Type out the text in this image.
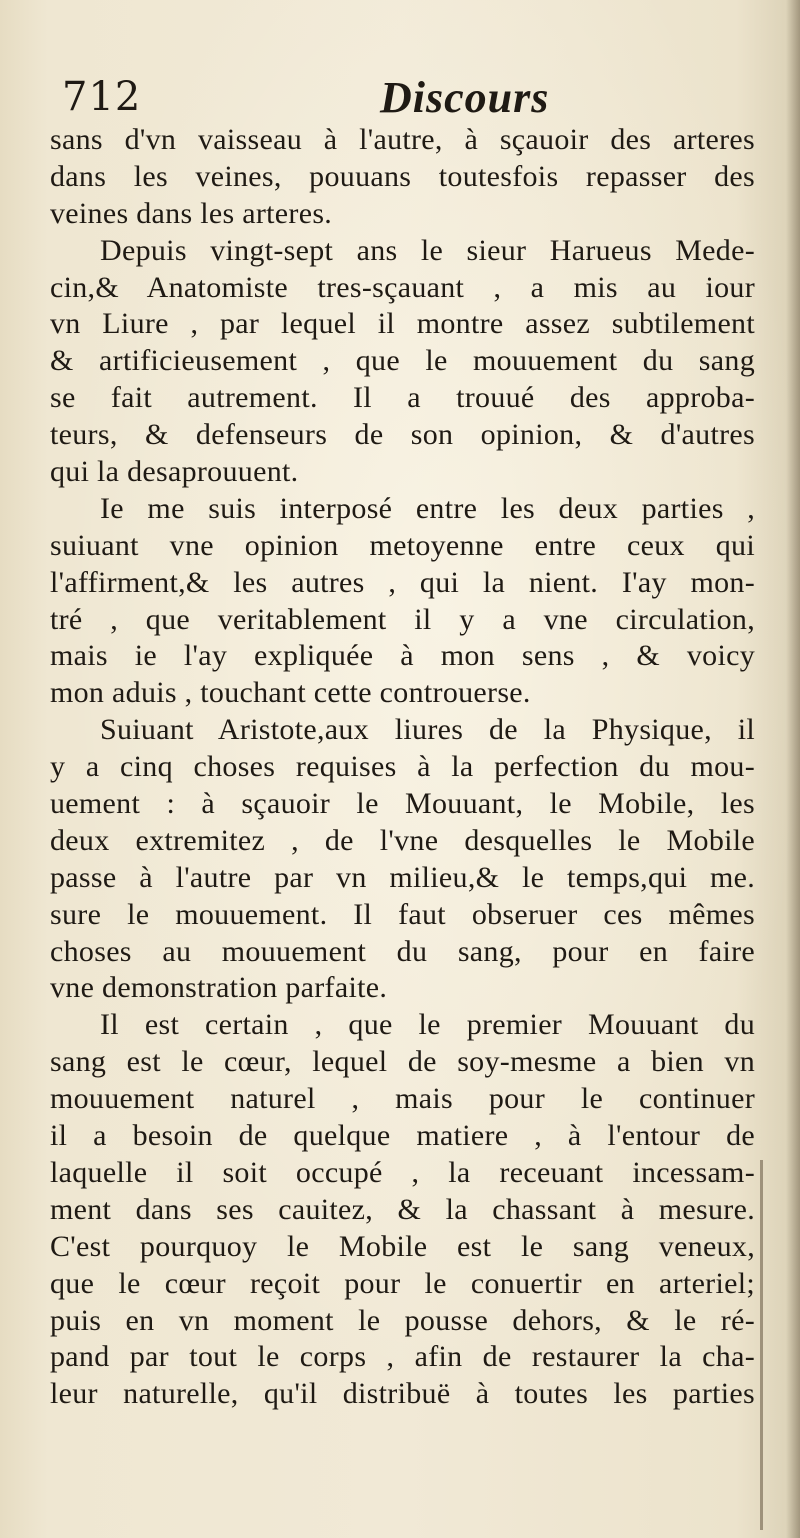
712	Discours
sans d'vn vaisseau à l'autre, à sçauoir des arteres
dans les veines, pouuans toutesfois repasser des
veines dans les arteres.
Depuis vingt-sept ans le sieur Harueus Mede-
cin,& Anatomiste tres-sçauant , a mis au iour
vn Liure , par lequel il montre assez subtilement
& artificieusement , que le mouuement du sang
se fait autrement. Il a trouué des approba-
teurs, & defenseurs de son opinion, & d'autres
qui la desaprouuent.
Ie me suis interposé entre les deux parties ,
suiuant vne opinion metoyenne entre ceux qui
l'affirment,& les autres , qui la nient. I'ay mon-
tré , que veritablement il y a vne circulation,
mais ie l'ay expliquée à mon sens , & voicy
mon aduis , touchant cette controuerse.
Suiuant Aristote,aux liures de la Physique, il
y a cinq choses requises à la perfection du mou-
uement : à sçauoir le Mouuant, le Mobile, les
deux extremitez , de l'vne desquelles le Mobile
passe à l'autre par vn milieu,& le temps,qui me.
sure le mouuement. Il faut obseruer ces mêmes
choses au mouuement du sang, pour en faire
vne demonstration parfaite.
Il est certain , que le premier Mouuant du
sang est le cœur, lequel de soy-mesme a bien vn
mouuement naturel , mais pour le continuer
il a besoin de quelque matiere , à l'entour de
laquelle il soit occupé , la receuant incessam-
ment dans ses cauitez, & la chassant à mesure.
C'est pourquoy le Mobile est le sang veneux,
que le cœur reçoit pour le conuertir en arteriel;
puis en vn moment le pousse dehors, & le ré-
pand par tout le corps , afin de restaurer la cha-
leur naturelle, qu'il distribuë à toutes les parties
